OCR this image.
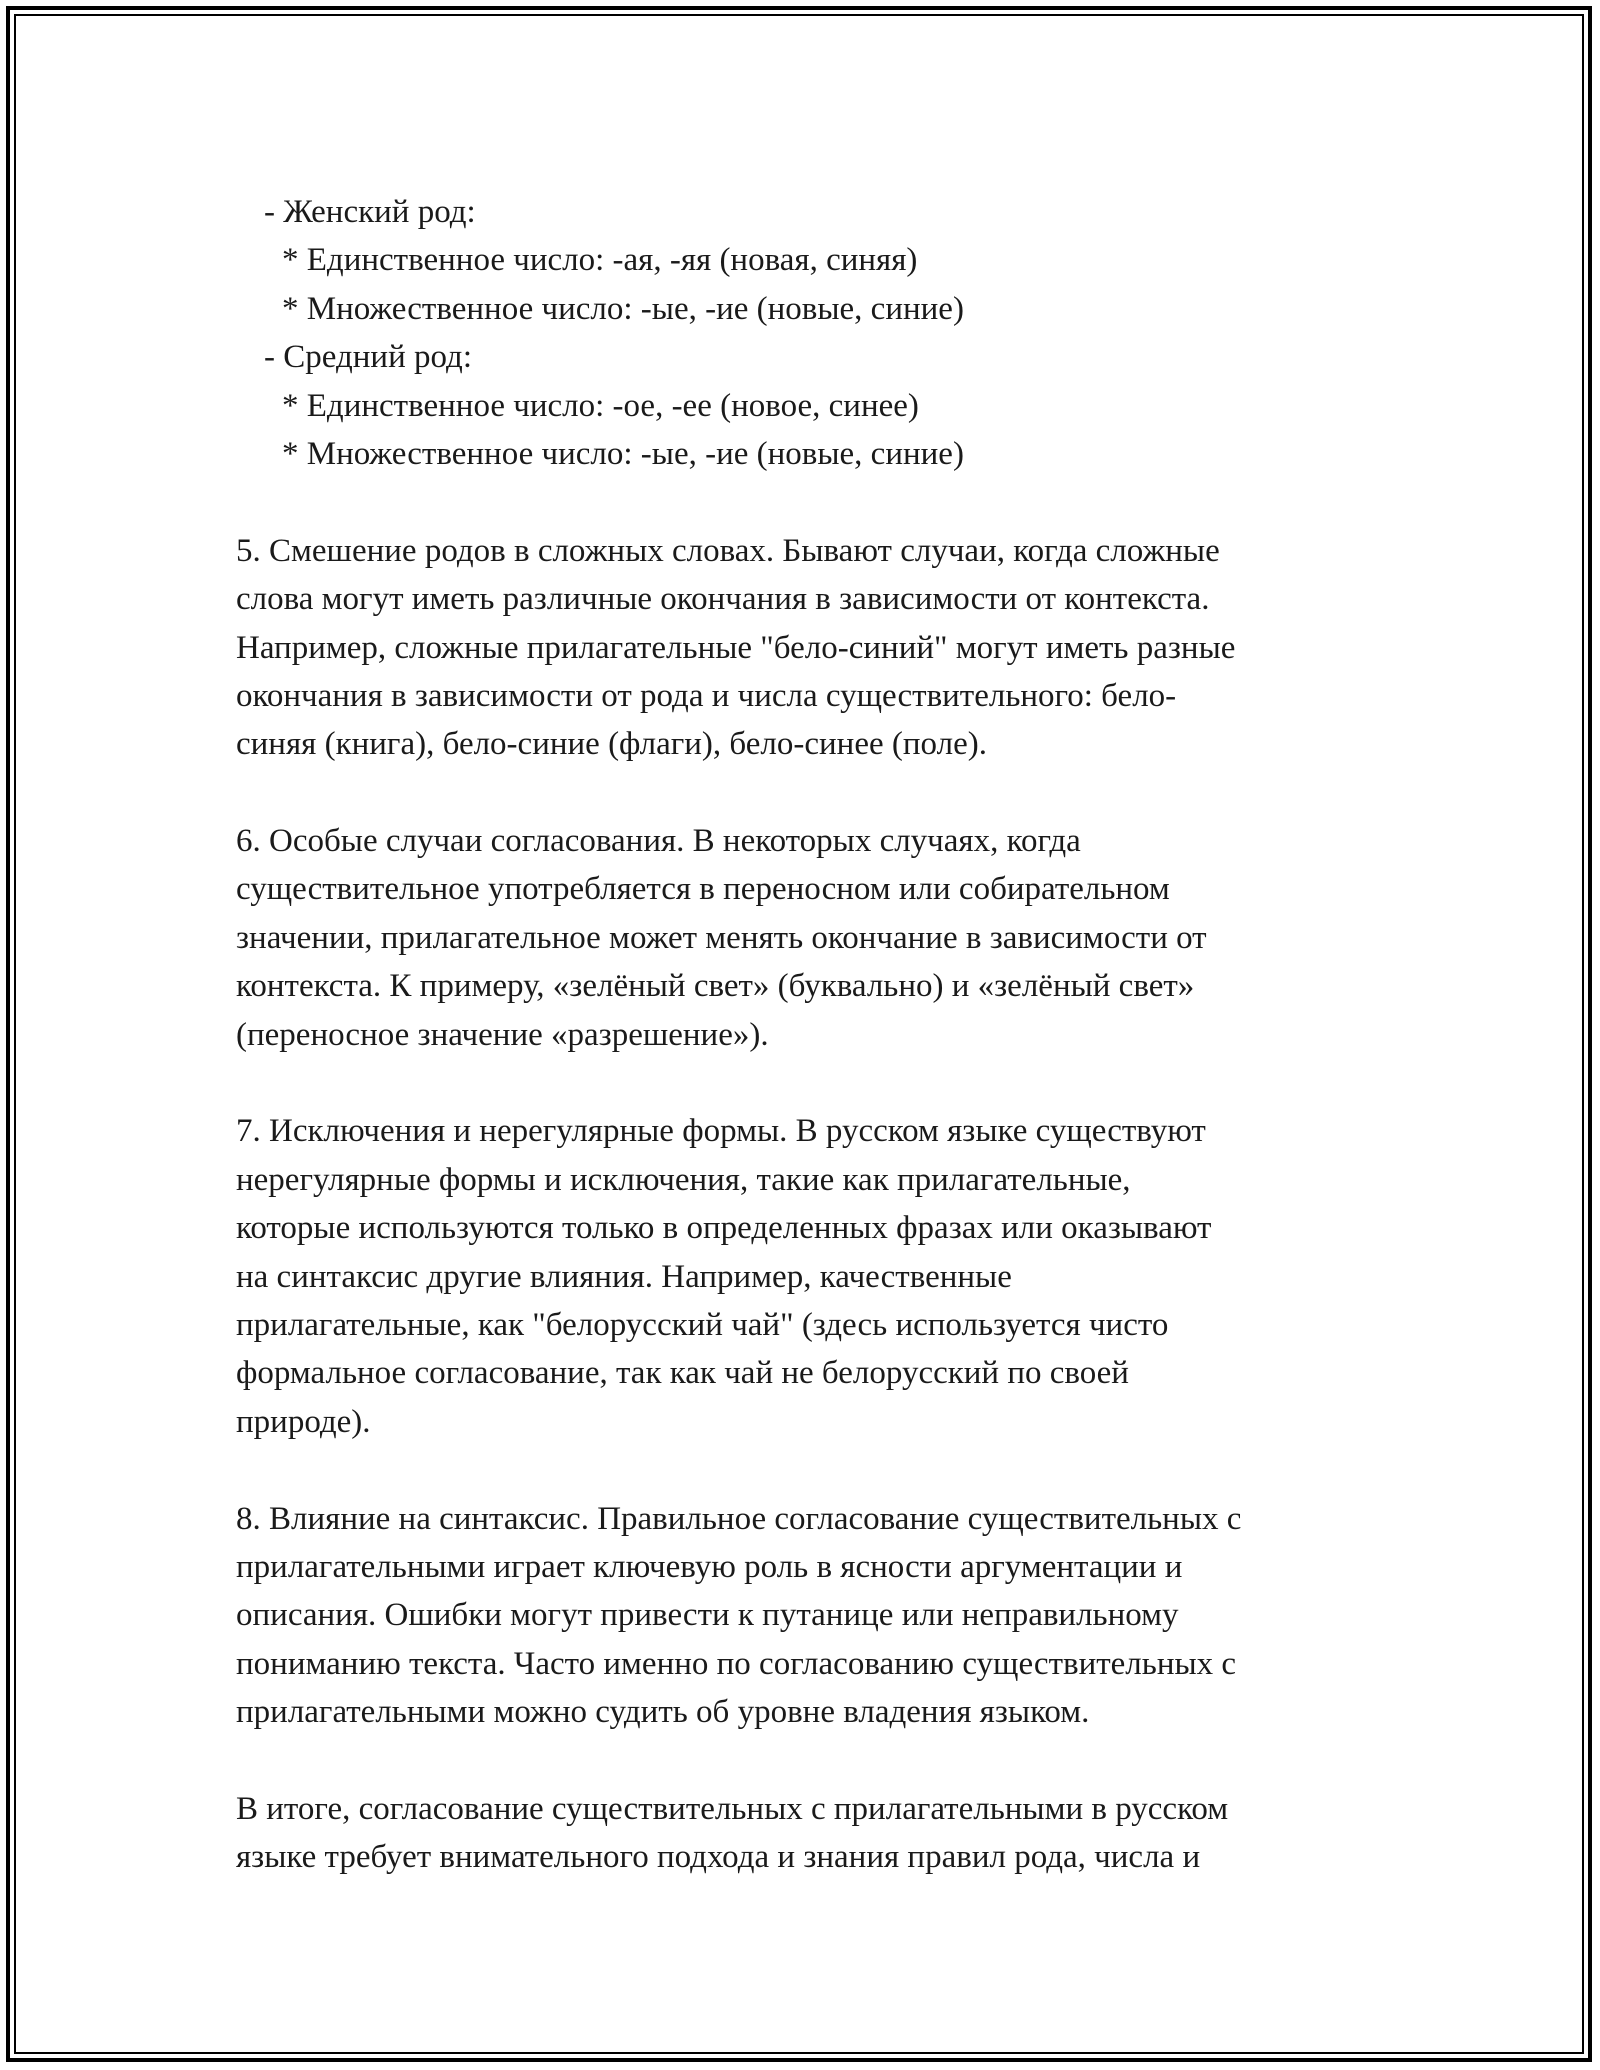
- Женский род:
* Единственное число: -ая, -яя (новая, синяя)
* Множественное число: -ые, -ие (новые, синие)
- Средний род:
* Единственное число: -ое, -ее (новое, синее)
* Множественное число: -ые, -ие (новые, синие)
5. Смешение родов в сложных словах. Бывают случаи, когда сложные
слова могут иметь различные окончания в зависимости от контекста.
Например, сложные прилагательные "бело-синий" могут иметь разные
окончания в зависимости от рода и числа существительного: бело-
синяя (книга), бело-синие (флаги), бело-синее (поле).
6. Особые случаи согласования. В некоторых случаях, когда
существительное употребляется в переносном или собирательном
значении, прилагательное может менять окончание в зависимости от
контекста. К примеру, «зелёный свет» (буквально) и «зелёный свет»
(переносное значение «разрешение»).
7. Исключения и нерегулярные формы. В русском языке существуют
нерегулярные формы и исключения, такие как прилагательные,
которые используются только в определенных фразах или оказывают
на синтаксис другие влияния. Например, качественные
прилагательные, как "белорусский чай" (здесь используется чисто
формальное согласование, так как чай не белорусский по своей
природе).
8. Влияние на синтаксис. Правильное согласование существительных с
прилагательными играет ключевую роль в ясности аргументации и
описания. Ошибки могут привести к путанице или неправильному
пониманию текста. Часто именно по согласованию существительных с
прилагательными можно судить об уровне владения языком.
В итоге, согласование существительных с прилагательными в русском
языке требует внимательного подхода и знания правил рода, числа и
